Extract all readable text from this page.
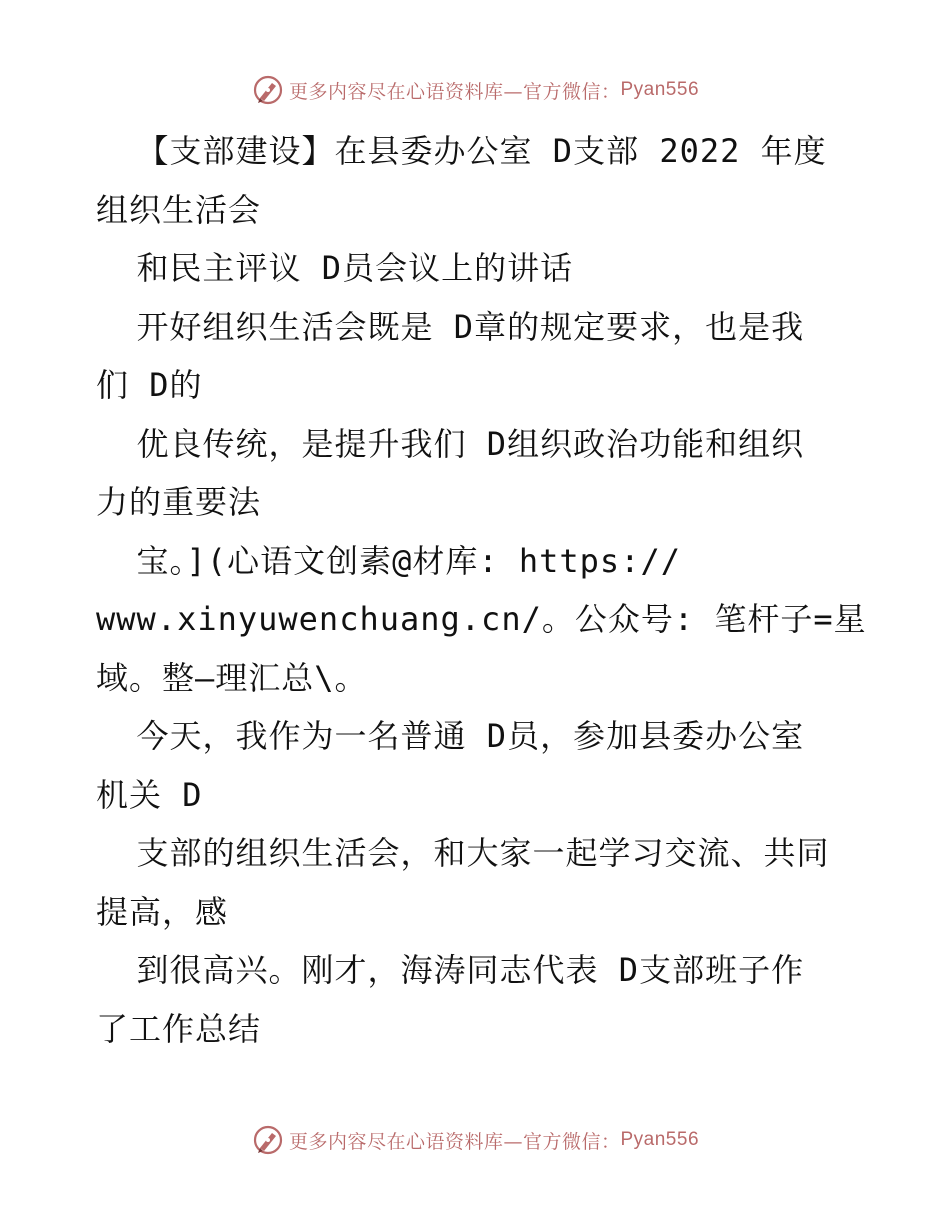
更多内容尽在心语资料库—官方微信： Pyan556
【支部建设】在县委办公室 D支部 2022 年度
组织生活会
和民主评议 D员会议上的讲话
开好组织生活会既是 D章的规定要求，也是我
们 D的
优良传统，是提升我们 D组织政治功能和组织
力的重要法
宝。](心语文创素@材库: https://
www.xinyuwenchuang.cn/。公众号: 笔杆子=星
域。整—理汇总\。
今天，我作为一名普通 D员，参加县委办公室
机关 D
支部的组织生活会，和大家一起学习交流、共同
提高，感
到很高兴。刚才，海涛同志代表 D支部班子作
了工作总结
更多内容尽在心语资料库—官方微信： Pyan556
